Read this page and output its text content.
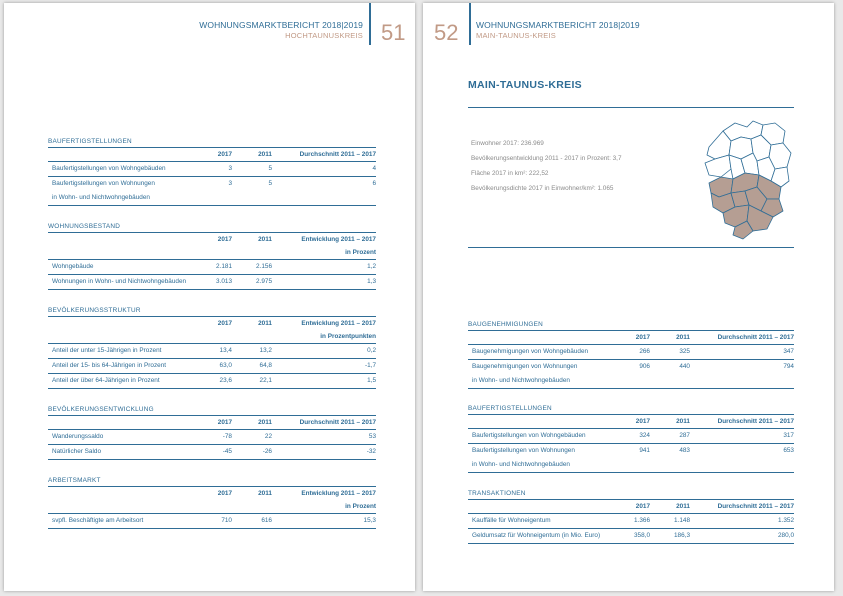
WOHNUNGSMARKTBERICHT 2018|2019
HOCHTAUNUSKREIS 51
BAUFERTIGSTELLUNGEN
2017	2011	Durchschnitt 2011 – 2017
Baufertigstellungen von Wohngebäuden	3	5	4
Baufertigstellungen von Wohnungen	3	5	6
in Wohn- und Nichtwohngebäuden
WOHNUNGSBESTAND
2017	2011	Entwicklung 2011 – 2017
in Prozent
Wohngebäude	2.181	2.156	1,2
Wohnungen in Wohn- und Nichtwohngebäuden	3.013	2.975	1,3
BEVÖLKERUNGSSTRUKTUR
2017	2011	Entwicklung 2011 – 2017
in Prozentpunkten
Anteil der unter 15-Jährigen in Prozent	13,4	13,2	0,2
Anteil der 15- bis 64-Jährigen in Prozent	63,0	64,8	-1,7
Anteil der über 64-Jährigen in Prozent	23,6	22,1	1,5
BEVÖLKERUNGSENTWICKLUNG
2017	2011	Durchschnitt 2011 – 2017
Wanderungssaldo	-78	22	53
Natürlicher Saldo	-45	-26	-32
ARBEITSMARKT
2017	2011	Entwicklung 2011 – 2017
in Prozent
svpfl. Beschäftigte am Arbeitsort	710	616	15,3
52 WOHNUNGSMARKTBERICHT 2018|2019
MAIN-TAUNUS-KREIS
MAIN-TAUNUS-KREIS
Einwohner 2017: 236.969
Bevölkerungsentwicklung 2011 - 2017 in Prozent: 3,7
Fläche 2017 in km²: 222,52
Bevölkerungsdichte 2017 in Einwohner/km²: 1.065
BAUGENEHMIGUNGEN
2017	2011	Durchschnitt 2011 – 2017
Baugenehmigungen von Wohngebäuden	266	325	347
Baugenehmigungen von Wohnungen	906	440	794
in Wohn- und Nichtwohngebäuden
BAUFERTIGSTELLUNGEN
2017	2011	Durchschnitt 2011 – 2017
Baufertigstellungen von Wohngebäuden	324	287	317
Baufertigstellungen von Wohnungen	941	483	653
in Wohn- und Nichtwohngebäuden
TRANSAKTIONEN
2017	2011	Durchschnitt 2011 – 2017
Kauffälle für Wohneigentum	1.366	1.148	1.352
Geldumsatz für Wohneigentum (in Mio. Euro)	358,0	186,3	280,0
